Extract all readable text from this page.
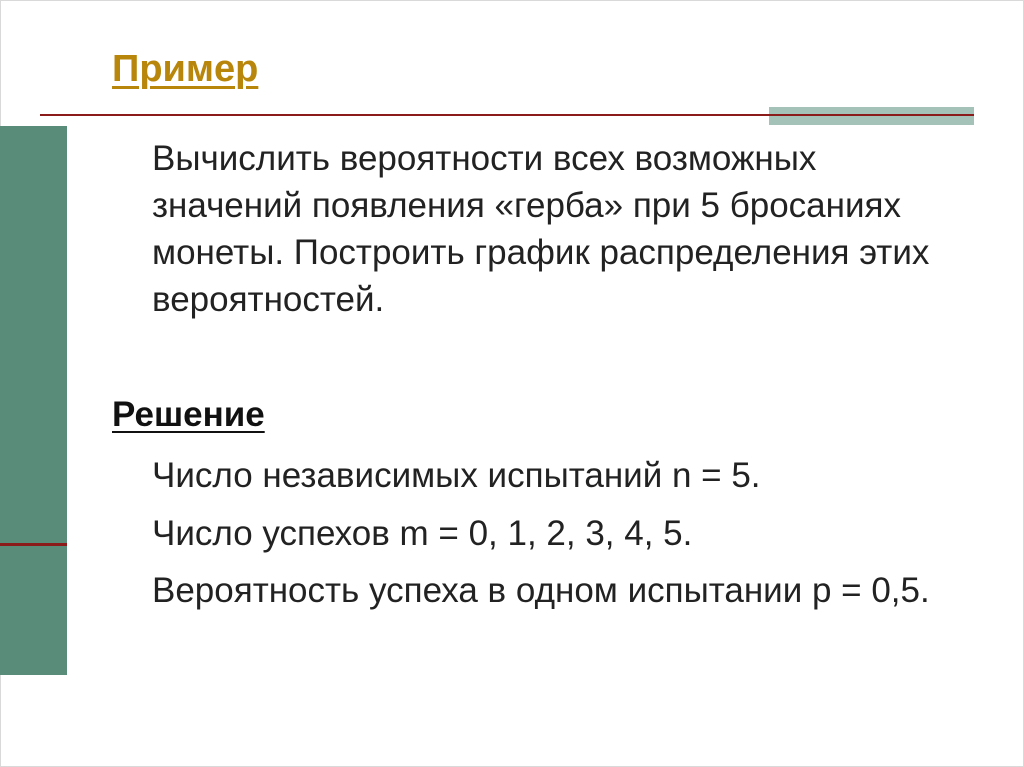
Пример

Вычислить вероятности всех возможных значений появления «герба» при 5 бросаниях монеты. Построить график распределения этих вероятностей.

Решение

Число независимых испытаний n = 5.

Число успехов m = 0, 1, 2, 3, 4, 5.

Вероятность успеха в одном испытании p = 0,5.
